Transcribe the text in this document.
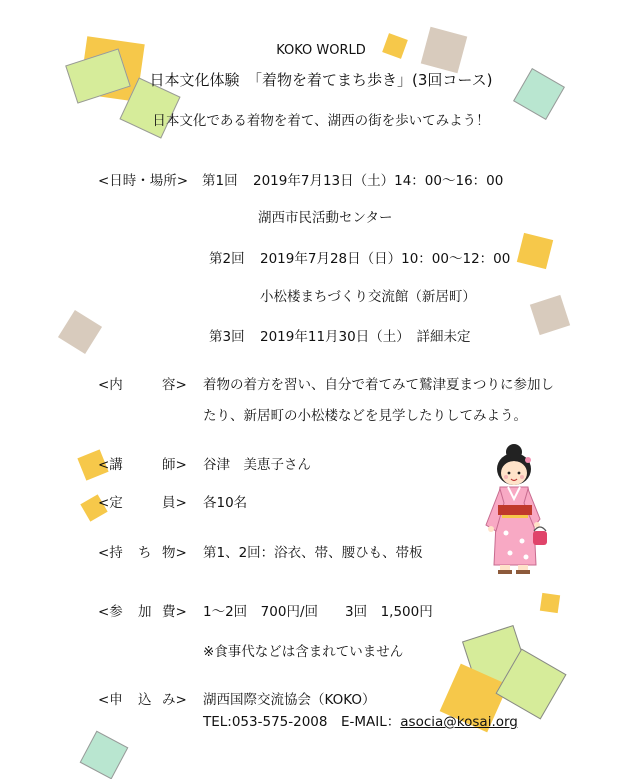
KOKO WORLD
日本文化体験　「着物を着てまち歩き」(3回コース)
日本文化である着物を着て、湖西の街を歩いてみよう！
<日時・場所> 第1回 2019年7月13日（土）14：00～16：00
湖西市民活動センター
第2回 2019年7月28日（日）10：00～12：00
小松楼まちづくり交流館（新居町）
第3回 2019年11月30日（土）　詳細未定
<内	容> 着物の着方を習い、自分で着てみて鷲津夏まつりに参加し
たり、新居町の小松楼などを見学したりしてみよう。
<講	師> 谷津　美恵子さん
<定	員> 各10名
<持 ち 物> 第1、2回：浴衣、帯、腰ひも、帯板
<参 加 費> 1～2回　700円/回　　3回　1,500円
※食事代などは含まれていません
<申 込 み> 湖西国際交流協会（KOKO）
TEL:053-575-2008　E-MAIL：asocia@kosai.org
